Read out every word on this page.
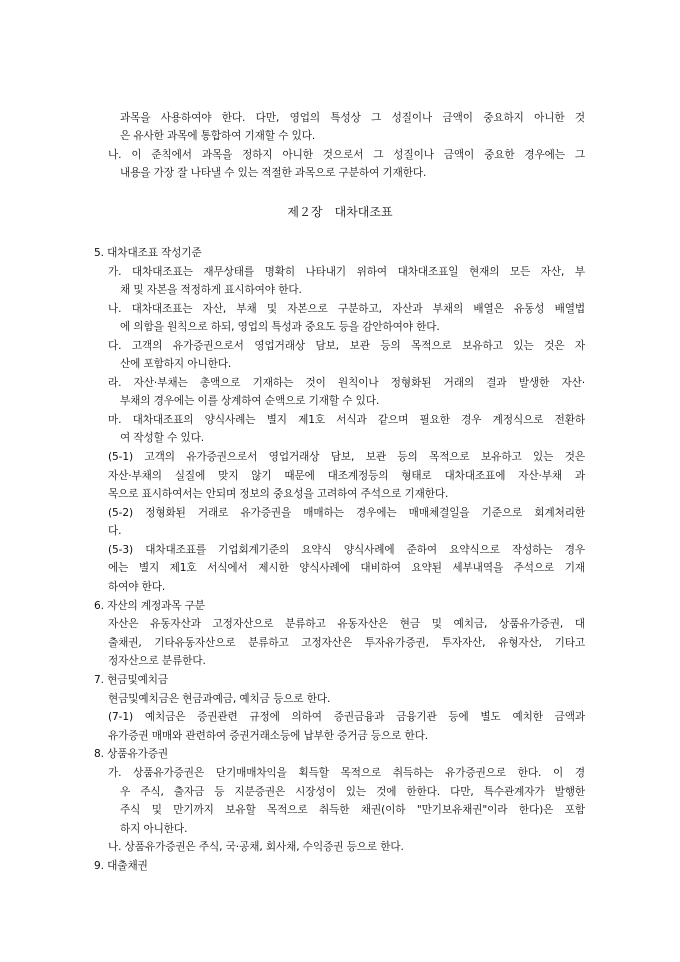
과목을 사용하여야 한다. 다만, 영업의 특성상 그 성질이나 금액이 중요하지 아니한 것
은 유사한 과목에 통합하여 기재할 수 있다.
나. 이 준칙에서 과목을 정하지 아니한 것으로서 그 성질이나 금액이 중요한 경우에는 그
내용을 가장 잘 나타낼 수 있는 적절한 과목으로 구분하여 기재한다.
제２장　대차대조표
5. 대차대조표 작성기준
가. 대차대조표는 재무상태를 명확히 나타내기 위하여 대차대조표일 현재의 모든 자산, 부
채 및 자본을 적정하게 표시하여야 한다.
나. 대차대조표는 자산, 부채 및 자본으로 구분하고, 자산과 부채의 배열은 유동성 배열법
에 의함을 원칙으로 하되, 영업의 특성과 중요도 등을 감안하여야 한다.
다. 고객의 유가증권으로서 영업거래상 담보, 보관 등의 목적으로 보유하고 있는 것은 자
산에 포함하지 아니한다.
라. 자산·부채는 총액으로 기재하는 것이 원칙이나 정형화된 거래의 결과 발생한 자산·
부채의 경우에는 이를 상계하여 순액으로 기재할 수 있다.
마. 대차대조표의 양식사례는 별지 제1호 서식과 같으며 필요한 경우 계정식으로 전환하
여 작성할 수 있다.
(5-1) 고객의 유가증권으로서 영업거래상 담보, 보관 등의 목적으로 보유하고 있는 것은
자산·부채의 실질에 맞지 않기 때문에 대조계정등의 형태로 대차대조표에 자산·부채 과
목으로 표시하여서는 안되며 정보의 중요성을 고려하여 주석으로 기재한다.
(5-2) 정형화된 거래로 유가증권을 매매하는 경우에는 매매체결일을 기준으로 회계처리한
다.
(5-3) 대차대조표를 기업회계기준의 요약식 양식사례에 준하여 요약식으로 작성하는 경우
에는 별지 제1호 서식에서 제시한 양식사례에 대비하여 요약된 세부내역을 주석으로 기재
하여야 한다.
6. 자산의 계정과목 구분
자산은 유동자산과 고정자산으로 분류하고 유동자산은 현금 및 예치금, 상품유가증권, 대
출채권, 기타유동자산으로 분류하고 고정자산은 투자유가증권, 투자자산, 유형자산, 기타고
정자산으로 분류한다.
7. 현금및예치금
현금및예치금은 현금과예금, 예치금 등으로 한다.
(7-1) 예치금은 증권관련 규정에 의하여 증권금융과 금융기관 등에 별도 예치한 금액과
유가증권 매매와 관련하여 증권거래소등에 납부한 증거금 등으로 한다.
8. 상품유가증권
가. 상품유가증권은 단기매매차익을 획득할 목적으로 취득하는 유가증권으로 한다. 이 경
우 주식, 출자금 등 지분증권은 시장성이 있는 것에 한한다. 다만, 특수관계자가 발행한
주식 및 만기까지 보유할 목적으로 취득한 채권(이하 "만기보유채권"이라 한다)은 포함
하지 아니한다.
나. 상품유가증권은 주식, 국·공채, 회사채, 수익증권 등으로 한다.
9. 대출채권
